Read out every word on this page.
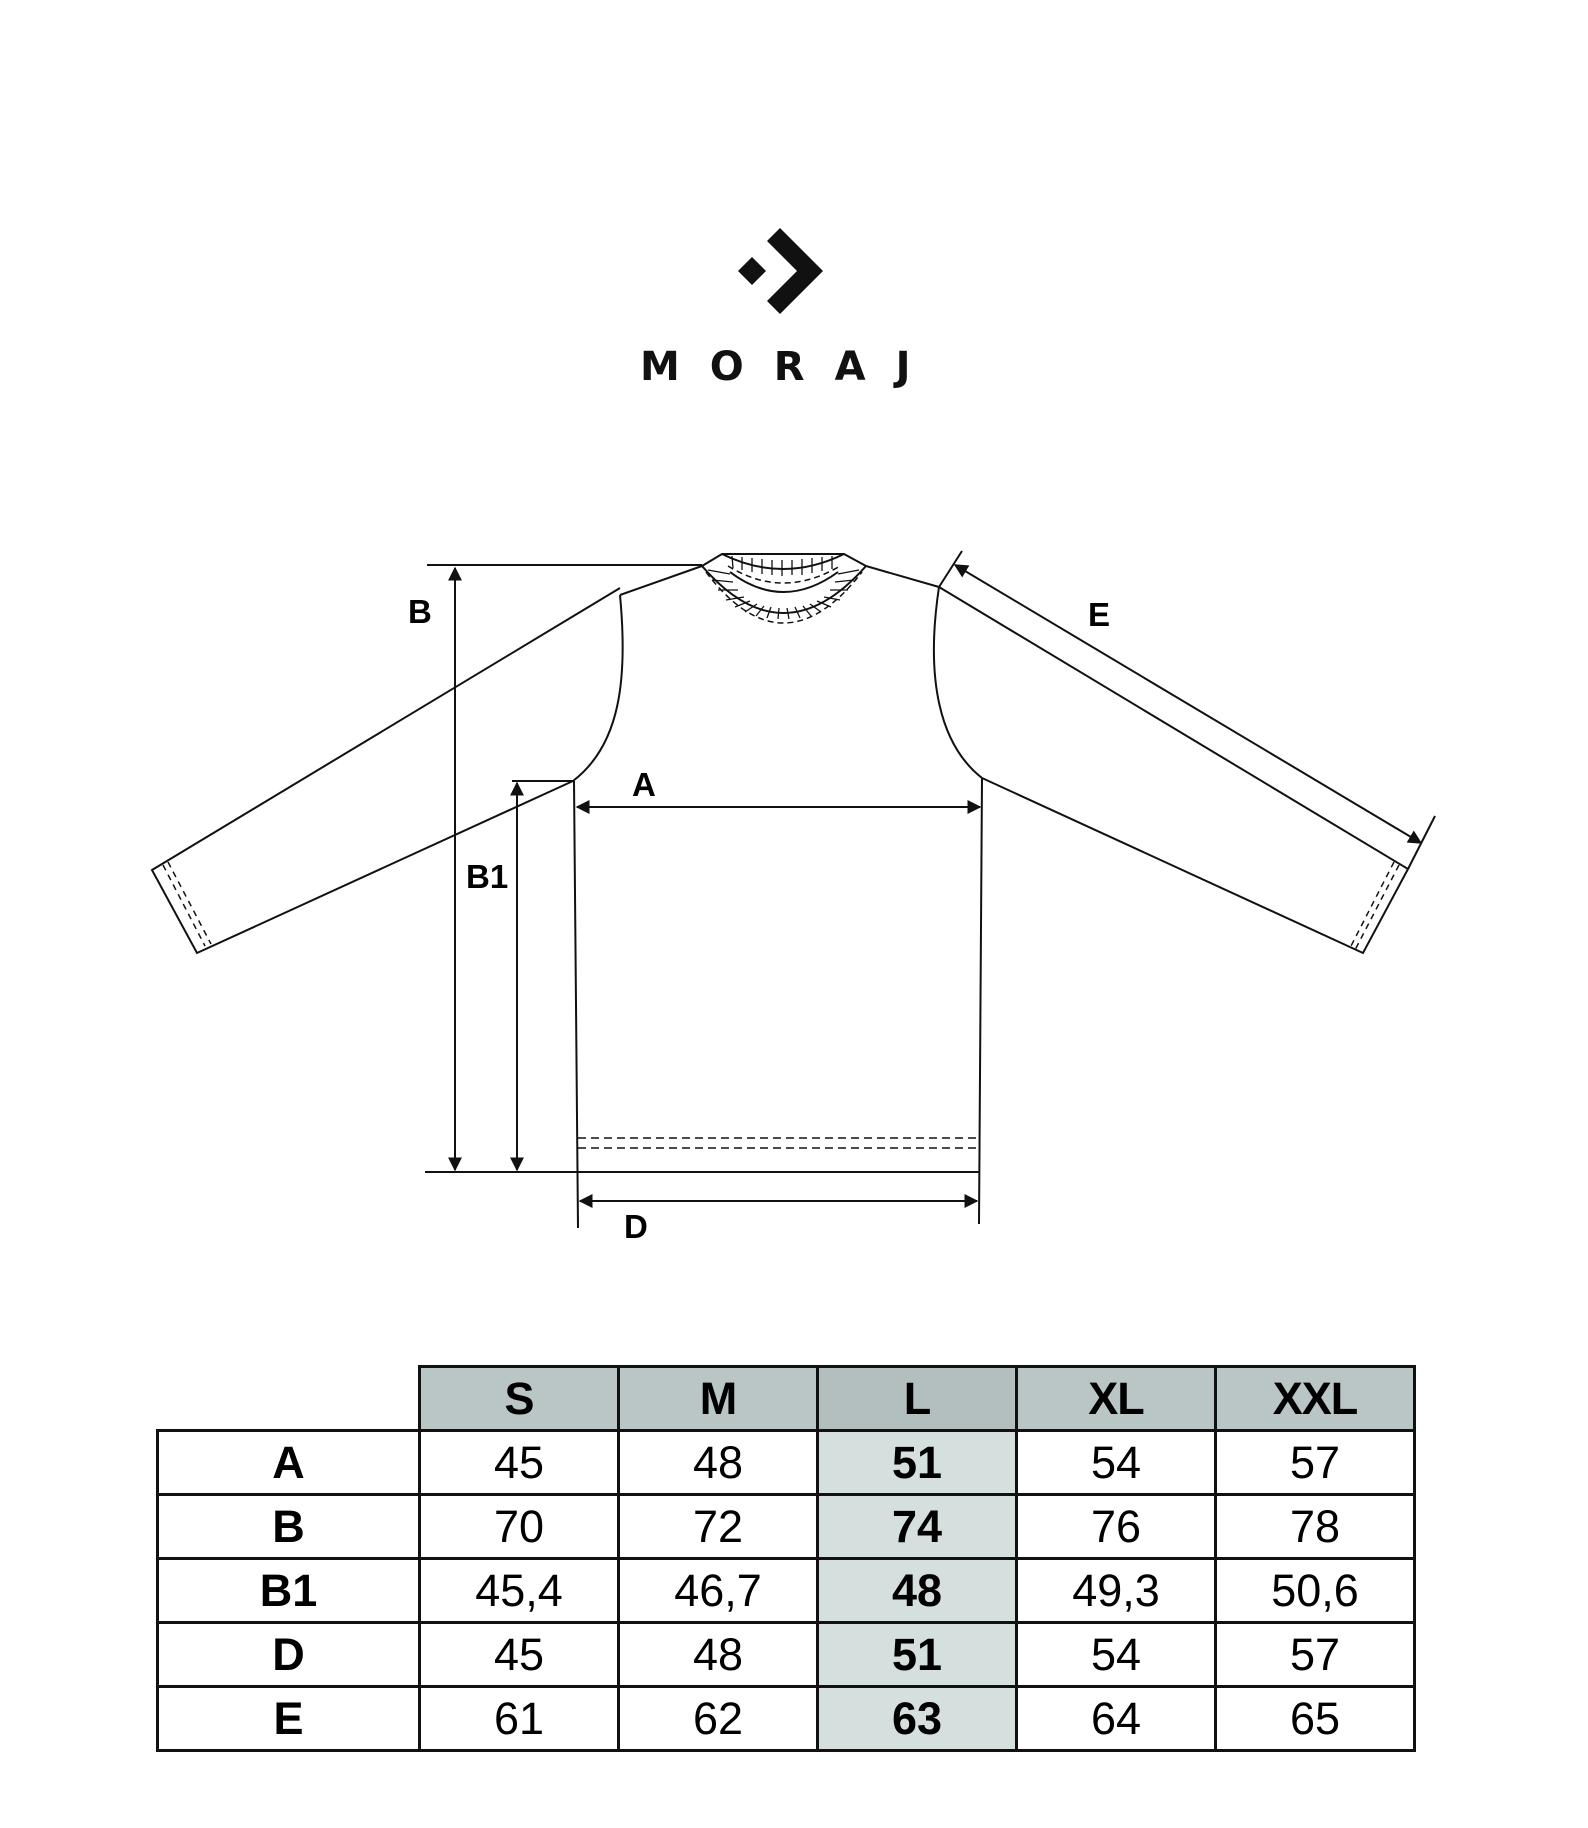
MORAJ
B
B1
A
D
E
	S	M	L	XL	XXL
A	45	48	51	54	57
B	70	72	74	76	78
B1	45,4	46,7	48	49,3	50,6
D	45	48	51	54	57
E	61	62	63	64	65
